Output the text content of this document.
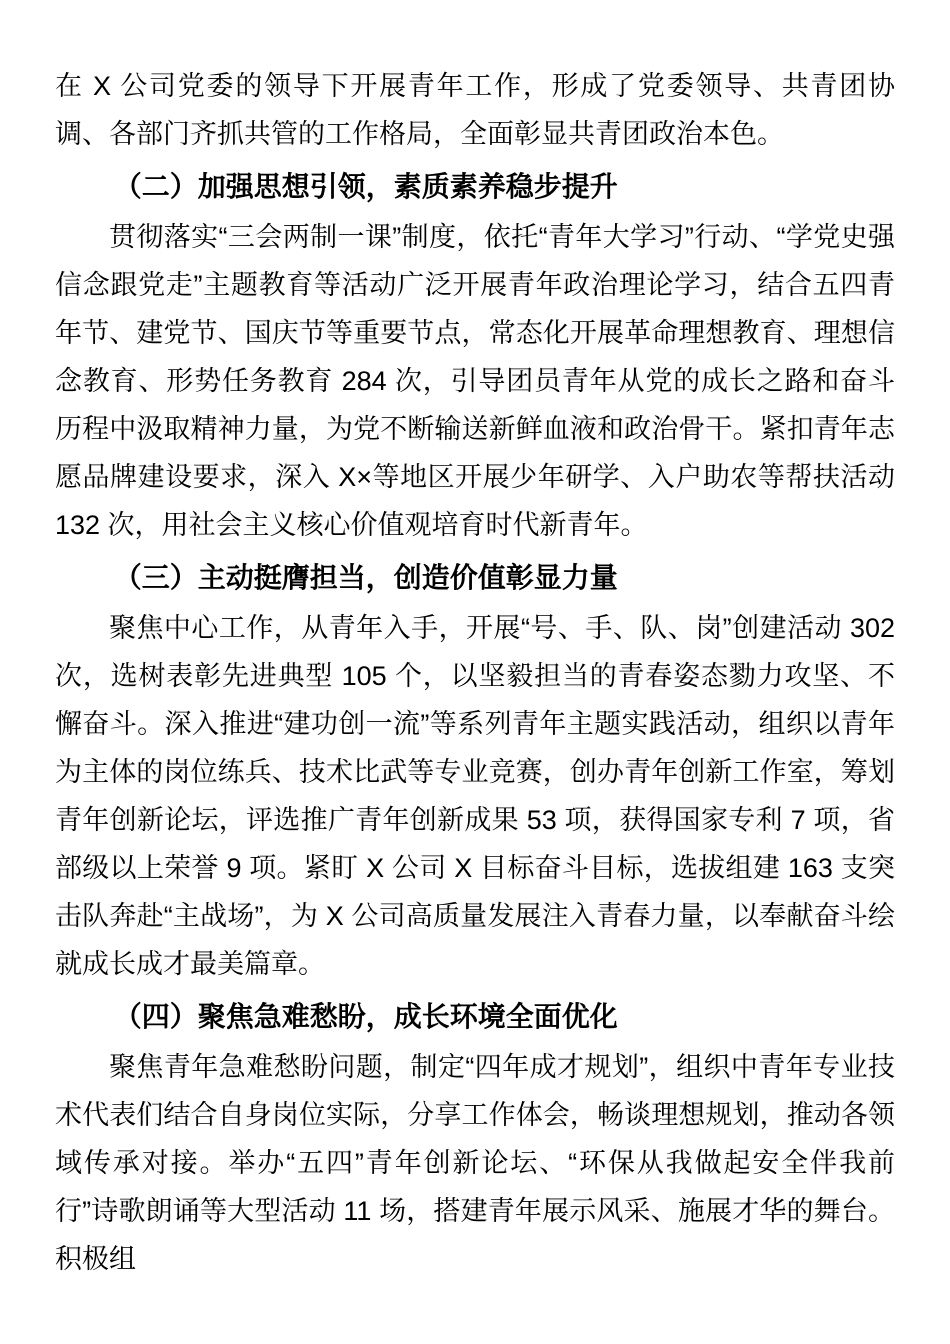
在 X 公司党委的领导下开展青年工作，形成了党委领导、共青团协调、各部门齐抓共管的工作格局，全面彰显共青团政治本色。

（二）加强思想引领，素质素养稳步提升

贯彻落实“三会两制一课”制度，依托“青年大学习”行动、“学党史强信念跟党走”主题教育等活动广泛开展青年政治理论学习，结合五四青年节、建党节、国庆节等重要节点，常态化开展革命理想教育、理想信念教育、形势任务教育 284 次，引导团员青年从党的成长之路和奋斗历程中汲取精神力量，为党不断输送新鲜血液和政治骨干。紧扣青年志愿品牌建设要求，深入 X×等地区开展少年研学、入户助农等帮扶活动 132 次，用社会主义核心价值观培育时代新青年。

（三）主动挺膺担当，创造价值彰显力量

聚焦中心工作，从青年入手，开展“号、手、队、岗”创建活动 302 次，选树表彰先进典型 105 个，以坚毅担当的青春姿态勠力攻坚、不懈奋斗。深入推进“建功创一流”等系列青年主题实践活动，组织以青年为主体的岗位练兵、技术比武等专业竞赛，创办青年创新工作室，筹划青年创新论坛，评选推广青年创新成果 53 项，获得国家专利 7 项，省部级以上荣誉 9 项。紧盯 X 公司 X 目标奋斗目标，选拔组建 163 支突击队奔赴“主战场”，为 X 公司高质量发展注入青春力量，以奉献奋斗绘就成长成才最美篇章。

（四）聚焦急难愁盼，成长环境全面优化

聚焦青年急难愁盼问题，制定“四年成才规划”，组织中青年专业技术代表们结合自身岗位实际，分享工作体会，畅谈理想规划，推动各领域传承对接。举办“五四”青年创新论坛、“环保从我做起安全伴我前行”诗歌朗诵等大型活动 11 场，搭建青年展示风采、施展才华的舞台。积极组
